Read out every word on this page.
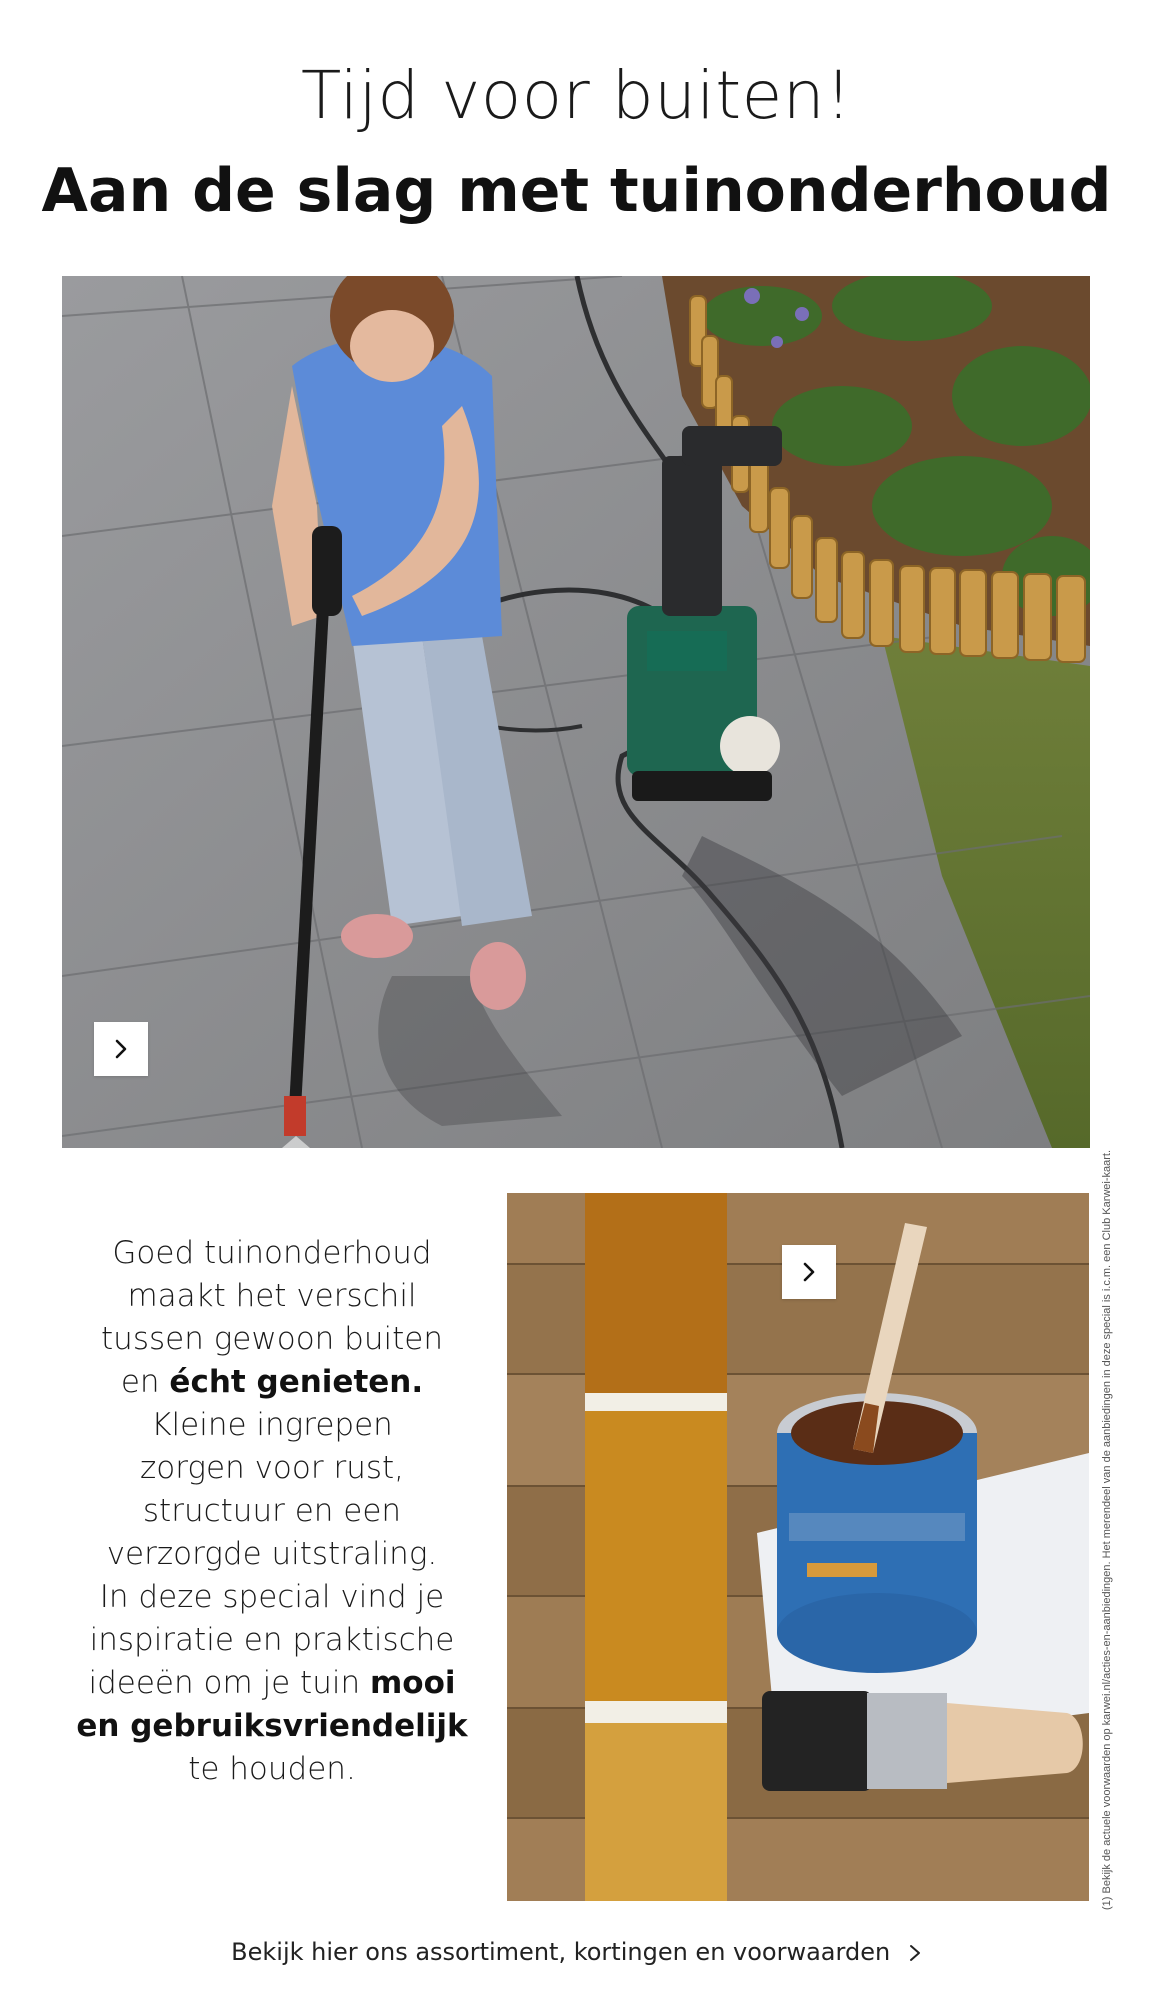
Tijd voor buiten!
Aan de slag met tuinonderhoud
Goed tuinonderhoud
maakt het verschil
tussen gewoon buiten
en écht genieten.
Kleine ingrepen
zorgen voor rust,
structuur en een
verzorgde uitstraling.
In deze special vind je
inspiratie en praktische
ideeën om je tuin mooi
en gebruiksvriendelijk
te houden.	(1) Bekijk de actuele voorwaarden op karwei.nl/acties-en-aanbiedingen. Het merendeel van de aanbiedingen in deze special is i.c.m. een Club Karwei-kaart.
Bekijk hier ons assortiment, kortingen en voorwaarden
